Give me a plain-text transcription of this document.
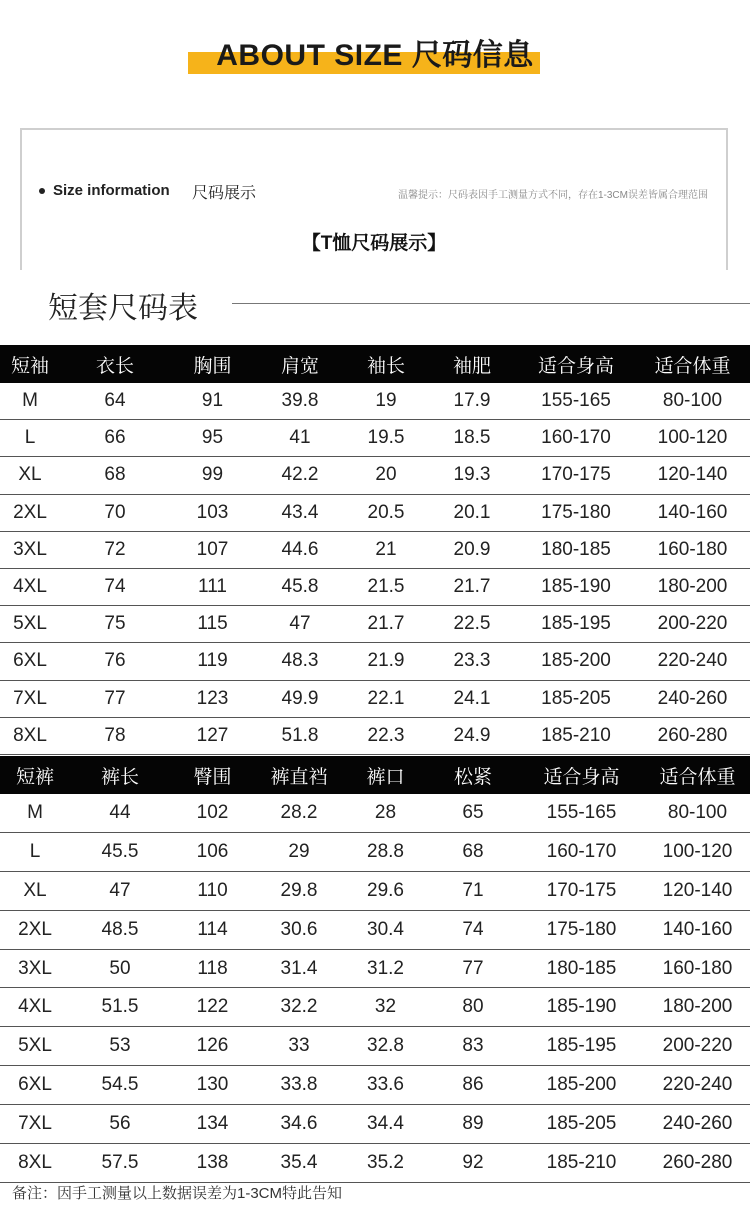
ABOUT SIZE 尺码信息
Size information 尺码展示	温馨提示：尺码表因手工测量方式不同，存在1-3CM误差皆属合理范围
【T恤尺码展示】
短套尺码表
短袖	衣长	胸围	肩宽	袖长	袖肥	适合身高	适合体重
M	64	91	39.8	19	17.9	155-165	80-100
L	66	95	41	19.5	18.5	160-170	100-120
XL	68	99	42.2	20	19.3	170-175	120-140
2XL	70	103	43.4	20.5	20.1	175-180	140-160
3XL	72	107	44.6	21	20.9	180-185	160-180
4XL	74	111	45.8	21.5	21.7	185-190	180-200
5XL	75	115	47	21.7	22.5	185-195	200-220
6XL	76	119	48.3	21.9	23.3	185-200	220-240
7XL	77	123	49.9	22.1	24.1	185-205	240-260
8XL	78	127	51.8	22.3	24.9	185-210	260-280
短裤	裤长	臀围	裤直裆	裤口	松紧	适合身高	适合体重
M	44	102	28.2	28	65	155-165	80-100
L	45.5	106	29	28.8	68	160-170	100-120
XL	47	110	29.8	29.6	71	170-175	120-140
2XL	48.5	114	30.6	30.4	74	175-180	140-160
3XL	50	118	31.4	31.2	77	180-185	160-180
4XL	51.5	122	32.2	32	80	185-190	180-200
5XL	53	126	33	32.8	83	185-195	200-220
6XL	54.5	130	33.8	33.6	86	185-200	220-240
7XL	56	134	34.6	34.4	89	185-205	240-260
8XL	57.5	138	35.4	35.2	92	185-210	260-280
备注：因手工测量以上数据误差为1-3CM特此告知
